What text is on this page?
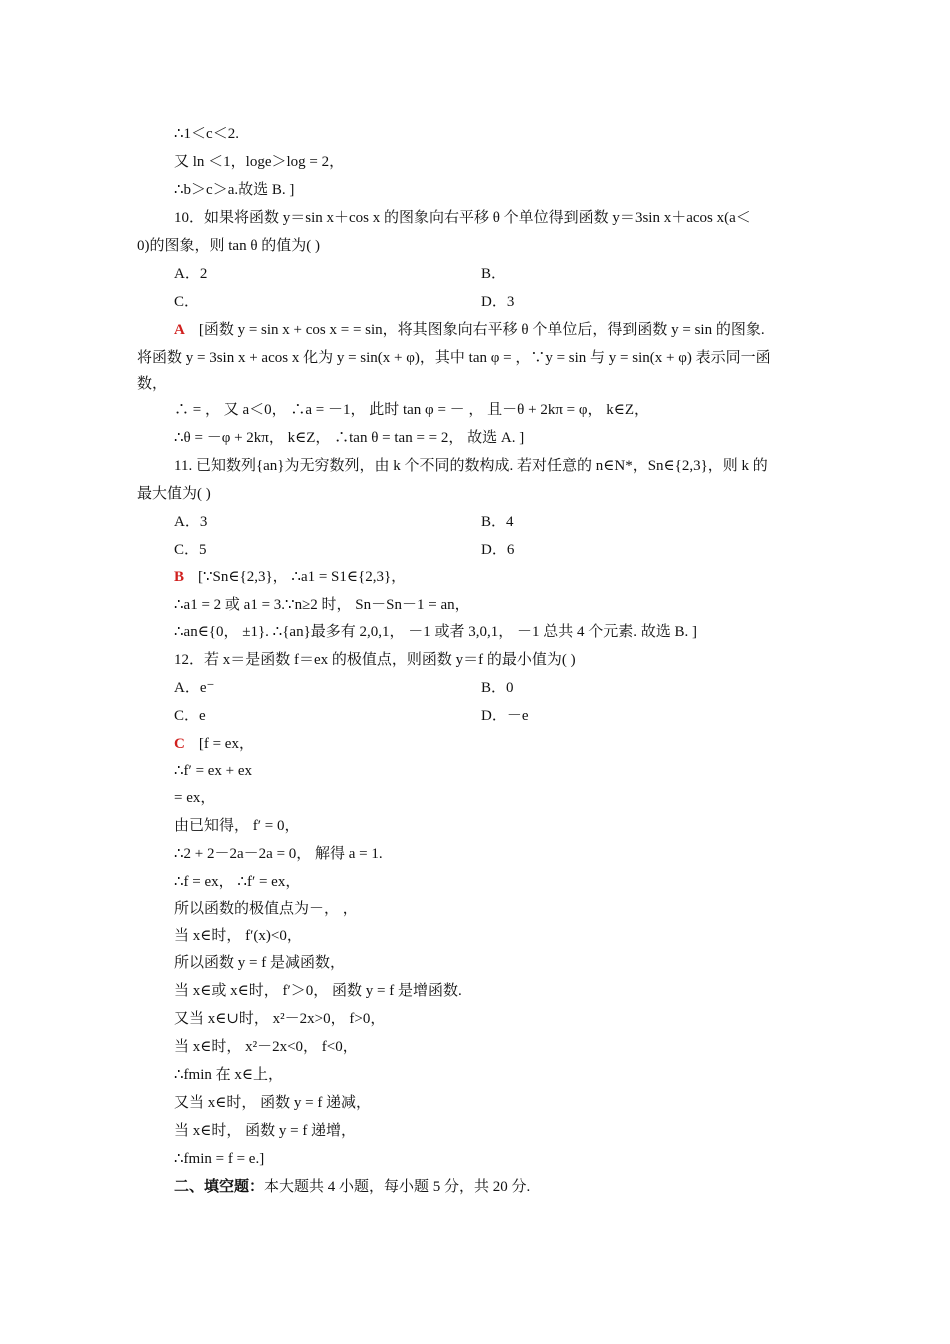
∴1＜c＜2.
又 ln ＜1，loge＞log = 2，
∴b＞c＞a.故选 B. ]
10．如果将函数 y＝sin x＋cos x 的图象向右平移 θ 个单位得到函数 y＝3sin x＋acos x(a＜
0)的图象，则 tan θ 的值为( )
A．2	B．
C．	D．3
A [函数 y = sin x + cos x = = sin，将其图象向右平移 θ 个单位后，得到函数 y = sin 的图象.
将函数 y = 3sin x + acos x 化为 y = sin(x + φ)，其中 tan φ = ，∵y = sin 与 y = sin(x + φ) 表示同一函
数，
∴ = ， 又 a＜0， ∴a = －1， 此时 tan φ = － ， 且－θ + 2kπ = φ， k∈Z，
∴θ = －φ + 2kπ， k∈Z， ∴tan θ = tan = = 2， 故选 A. ]
11. 已知数列{an}为无穷数列，由 k 个不同的数构成. 若对任意的 n∈N*，Sn∈{2,3}，则 k 的
最大值为( )
A．3	B．4
C．5	D．6
B [∵Sn∈{2,3}， ∴a1 = S1∈{2,3}，
∴a1 = 2 或 a1 = 3.∵n≥2 时， Sn－Sn－1 = an，
∴an∈{0， ±1}. ∴{an}最多有 2,0,1， －1 或者 3,0,1， －1 总共 4 个元素. 故选 B. ]
12．若 x＝是函数 f＝ex 的极值点，则函数 y＝f 的最小值为( )
A．e⁻	B．0
C．e	D．－e
C [f = ex，
∴f′ = ex + ex
= ex，
由已知得， f′ = 0，
∴2 + 2－2a－2a = 0， 解得 a = 1.
∴f = ex， ∴f′ = ex，
所以函数的极值点为－， ，
当 x∈时， f′(x)<0，
所以函数 y = f 是减函数，
当 x∈或 x∈时， f′＞0， 函数 y = f 是增函数.
又当 x∈∪时， x²－2x>0， f>0，
当 x∈时， x²－2x<0， f<0，
∴fmin 在 x∈上，
又当 x∈时， 函数 y = f 递减，
当 x∈时， 函数 y = f 递增，
∴fmin = f = e.]
二、填空题：本大题共 4 小题，每小题 5 分，共 20 分.
